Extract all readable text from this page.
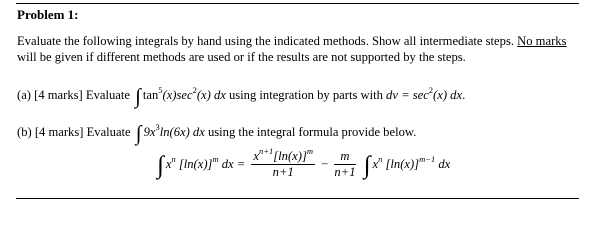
Problem 1:
Evaluate the following integrals by hand using the indicated methods. Show all intermediate steps. No marks will be given if different methods are used or if the results are not supported by the steps.
(a) [4 marks] Evaluate ∫ $\tan^5(x)\sec^2(x)$ dx using integration by parts with dv = $\sec^2(x)$ dx.
(b) [4 marks] Evaluate ∫ $9x^3\ln(6x)$ dx using the integral formula provide below.
∫ $x^n$ $[\ln(x)]^m$ dx = $\frac{x^{n+1}[\ln(x)]^m}{n+1} - \frac{m}{n+1}$ ∫ $x^n$ $[\ln(x)]^{m-1}$ dx
